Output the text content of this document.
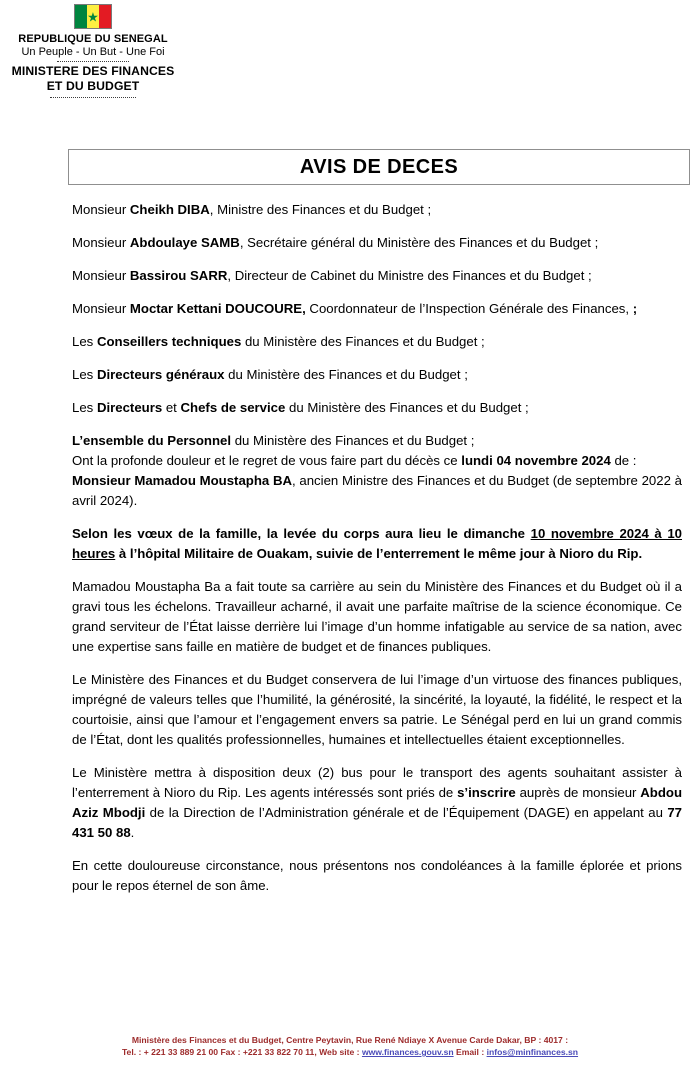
★
REPUBLIQUE DU SENEGAL
Un Peuple - Un But - Une Foi
MINISTERE DES FINANCES
ET DU BUDGET
AVIS DE DECES

Monsieur Cheikh DIBA, Ministre des Finances et du Budget ;

Monsieur Abdoulaye SAMB, Secrétaire général du Ministère des Finances et du Budget ;

Monsieur Bassirou SARR, Directeur de Cabinet du Ministre des Finances et du Budget ;

Monsieur Moctar Kettani DOUCOURE, Coordonnateur de l’Inspection Générale des Finances, ;

Les Conseillers techniques du Ministère des Finances et du Budget ;

Les Directeurs généraux du Ministère des Finances et du Budget ;

Les Directeurs et Chefs de service du Ministère des Finances et du Budget ;

L’ensemble du Personnel du Ministère des Finances et du Budget ;

Ont la profonde douleur et le regret de vous faire part du décès ce lundi 04 novembre 2024 de :

Monsieur Mamadou Moustapha BA, ancien Ministre des Finances et du Budget (de septembre 2022 à avril 2024).

Selon les vœux de la famille, la levée du corps aura lieu le dimanche 10 novembre 2024 à 10 heures à l’hôpital Militaire de Ouakam, suivie de l’enterrement le même jour à Nioro du Rip.

Mamadou Moustapha Ba a fait toute sa carrière au sein du Ministère des Finances et du Budget où il a gravi tous les échelons. Travailleur acharné, il avait une parfaite maîtrise de la science économique. Ce grand serviteur de l’État laisse derrière lui l’image d’un homme infatigable au service de sa nation, avec une expertise sans faille en matière de budget et de finances publiques.

Le Ministère des Finances et du Budget conservera de lui l’image d’un virtuose des finances publiques, imprégné de valeurs telles que l’humilité, la générosité, la sincérité, la loyauté, la fidélité, le respect et la courtoisie, ainsi que l’amour et l’engagement envers sa patrie. Le Sénégal perd en lui un grand commis de l’État, dont les qualités professionnelles, humaines et intellectuelles étaient exceptionnelles.

Le Ministère mettra à disposition deux (2) bus pour le transport des agents souhaitant assister à l’enterrement à Nioro du Rip. Les agents intéressés sont priés de s’inscrire auprès de monsieur Abdou Aziz Mbodji de la Direction de l’Administration générale et de l’Équipement (DAGE) en appelant au 77 431 50 88.

En cette douloureuse circonstance, nous présentons nos condoléances à la famille éplorée et prions pour le repos éternel de son âme.

Ministère des Finances et du Budget, Centre Peytavin, Rue René Ndiaye X Avenue Carde Dakar, BP : 4017 :
Tel. : + 221 33 889 21 00 Fax : +221 33 822 70 11, Web site : www.finances.gouv.sn Email : infos@minfinances.sn
